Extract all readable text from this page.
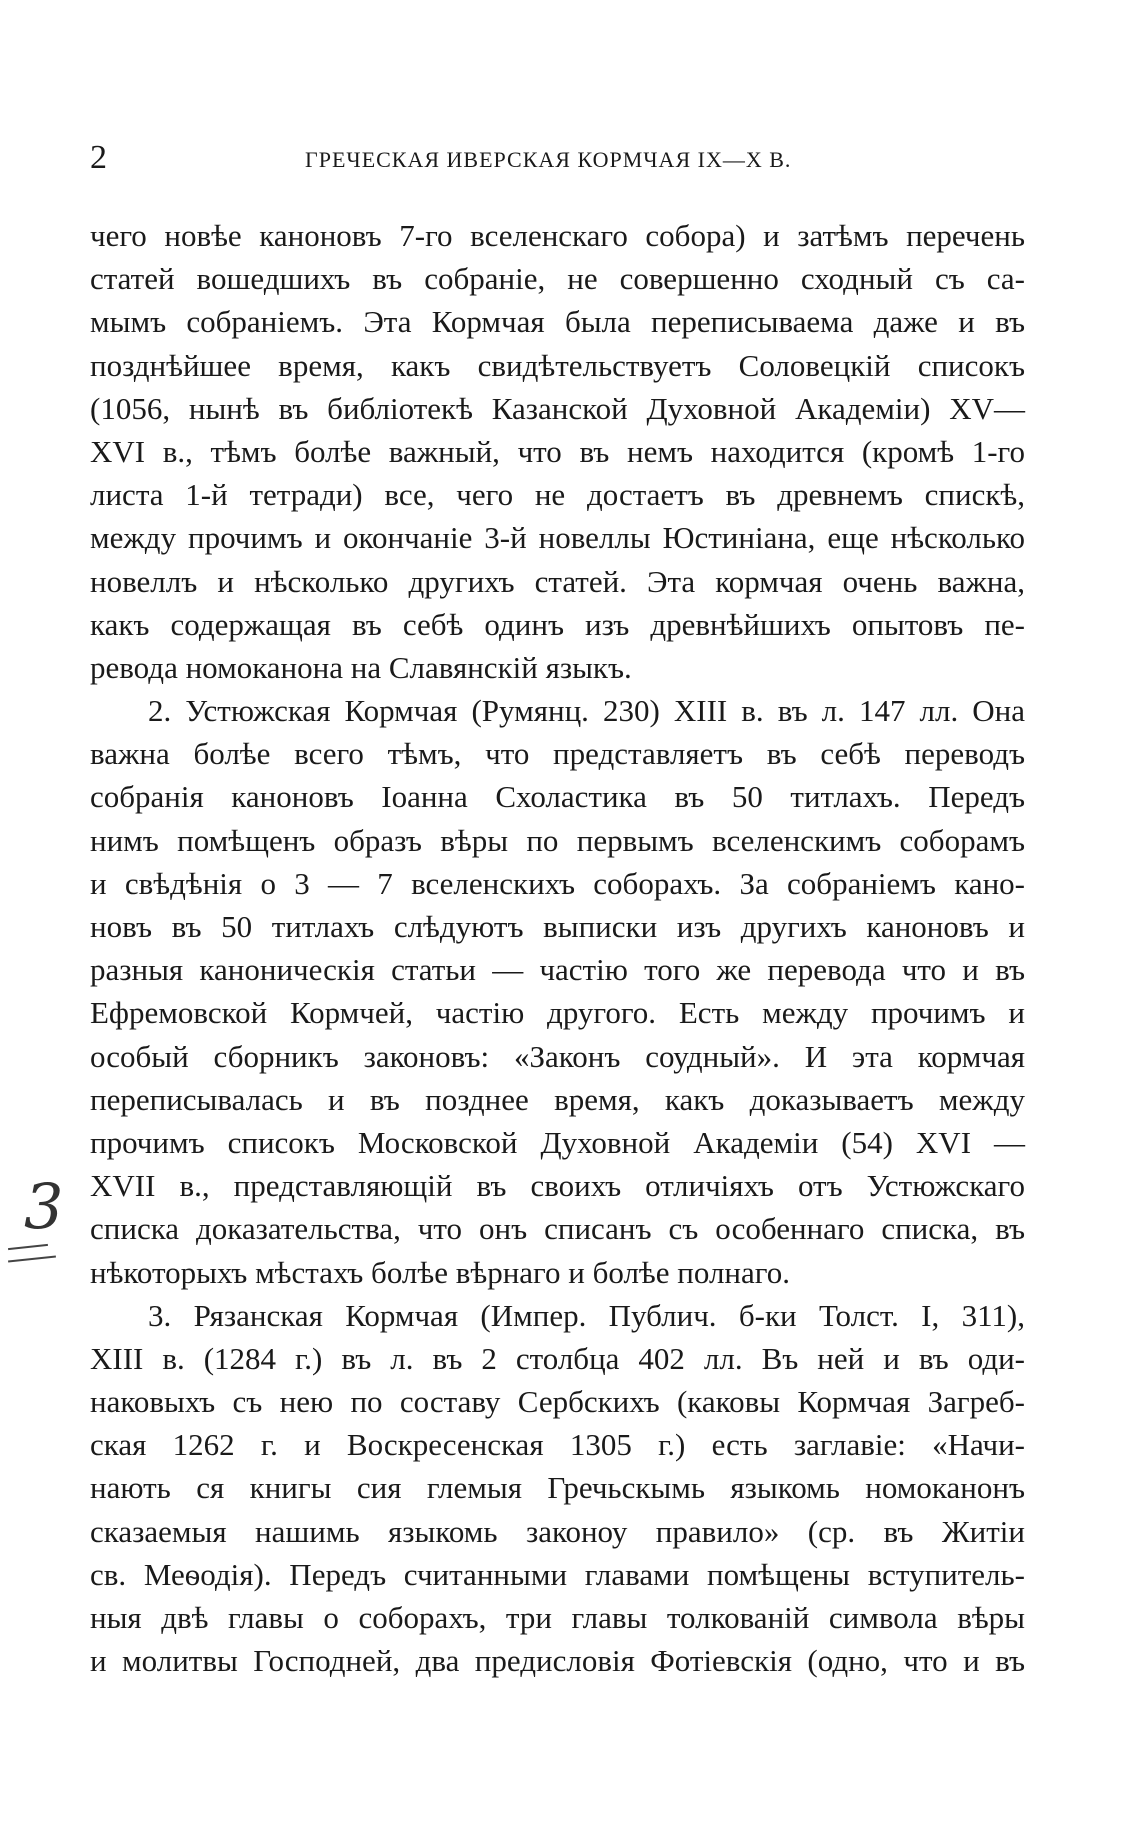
2	ГРЕЧЕСКАЯ ИВЕРСКАЯ КОРМЧАЯ IX—X В.
3
чего новѣе каноновъ 7-го вселенскаго собора) и затѣмъ перечень
статей вошедшихъ въ собраніе, не совершенно сходный съ са-
мымъ собраніемъ. Эта Кормчая была переписываема даже и въ
позднѣйшее время, какъ свидѣтельствуетъ Соловецкій списокъ
(1056, нынѣ въ библіотекѣ Казанской Духовной Академіи) XV—
XVI в., тѣмъ болѣе важный, что въ немъ находится (кромѣ 1-го
листа 1-й тетради) все, чего не достаетъ въ древнемъ спискѣ,
между прочимъ и окончаніе 3-й новеллы Юстиніана, еще нѣсколько
новеллъ и нѣсколько другихъ статей. Эта кормчая очень важна,
какъ содержащая въ себѣ одинъ изъ древнѣйшихъ опытовъ пе-
ревода номоканона на Славянскій языкъ.
2. Устюжская Кормчая (Румянц. 230) XIII в. въ л. 147 лл. Она
важна болѣе всего тѣмъ, что представляетъ въ себѣ переводъ
собранія каноновъ Іоанна Схоластика въ 50 титлахъ. Передъ
нимъ помѣщенъ образъ вѣры по первымъ вселенскимъ соборамъ
и свѣдѣнія о 3 — 7 вселенскихъ соборахъ. За собраніемъ кано-
новъ въ 50 титлахъ слѣдуютъ выписки изъ другихъ каноновъ и
разныя каноническія статьи — частію того же перевода что и въ
Ефремовской Кормчей, частію другого. Есть между прочимъ и
особый сборникъ законовъ: «Законъ соудный». И эта кормчая
переписывалась и въ позднее время, какъ доказываетъ между
прочимъ списокъ Московской Духовной Академіи (54) XVI —
XVII в., представляющій въ своихъ отличіяхъ отъ Устюжскаго
списка доказательства, что онъ списанъ съ особеннаго списка, въ
нѣкоторыхъ мѣстахъ болѣе вѣрнаго и болѣе полнаго.
3. Рязанская Кормчая (Импер. Публич. б-ки Толст. I, 311),
XIII в. (1284 г.) въ л. въ 2 столбца 402 лл. Въ ней и въ оди-
наковыхъ съ нею по составу Сербскихъ (каковы Кормчая Загреб-
ская 1262 г. и Воскресенская 1305 г.) есть заглавіе: «Начи-
нають ся книгы сия глемыя Гречьскымь языкомь номоканонъ
сказаемыя нашимь языкомь законоу правило» (ср. въ Житіи
св. Меѳодія). Передъ считанными главами помѣщены вступитель-
ныя двѣ главы о соборахъ, три главы толкованій символа вѣры
и молитвы Господней, два предисловія Фотіевскія (одно, что и въ
